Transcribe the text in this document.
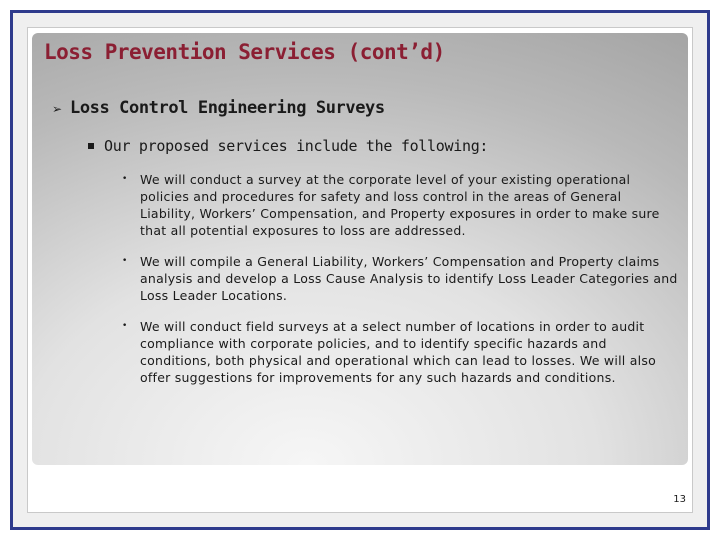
Loss Prevention Services (cont’d)
➢ Loss Control Engineering Surveys
Our proposed services include the following:
•	We will conduct a survey at the corporate level of your existing operational policies and procedures for safety and loss control in the areas of General Liability, Workers’ Compensation, and Property exposures in order to make sure that all potential exposures to loss are addressed.
•	We will compile a General Liability, Workers’ Compensation and Property claims analysis and develop a Loss Cause Analysis to identify Loss Leader Categories and Loss Leader Locations.
•	We will conduct field surveys at a select number of locations in order to audit compliance with corporate policies, and to identify specific hazards and conditions, both physical and operational which can lead to losses. We will also offer suggestions for improvements for any such hazards and conditions.
13
